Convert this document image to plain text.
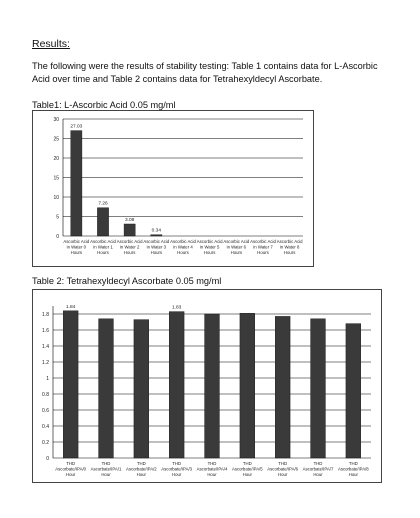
Results:
The following were the results of stability testing: Table 1 contains data for L-Ascorbic Acid over time and Table 2 contains data for Tetrahexyldecyl Ascorbate.
Table1: L-Ascorbic Acid 0.05 mg/ml
0
5
10
15
20
25
30
27.03
Ascorbic Acid in Water 0 Hours
7.26
Ascorbic Acid in Water 1 Hours
3.08
Ascorbic Acid in Water 2 Hours
0.34
Ascorbic Acid in Water 3 Hours
Ascorbic Acid in Water 4 Hours
Ascorbic Acid in Water 5 Hours
Ascorbic Acid in Water 6 Hours
Ascorbic Acid in Water 7 Hours
Ascorbic Acid in Water 8 Hours
Table 2: Tetrahexyldecyl Ascorbate 0.05 mg/ml
0
0.2
0.4
0.6
0.8
1
1.2
1.4
1.6
1.8
1.84
THD Ascorbate/IPA/0 Hour
THD Ascorbate/IPA/1 Hour
THD Ascorbate/IPA/2 Hour
1.83
THD Ascorbate/IPA/3 Hour
THD Ascorbate/IPA/4 Hour
THD Ascorbate/IPA/5 Hour
THD Ascorbate/IPA/6 Hour
THD Ascorbate/IPA/7 Hour
THD Ascorbate/IPA/8 Hour
